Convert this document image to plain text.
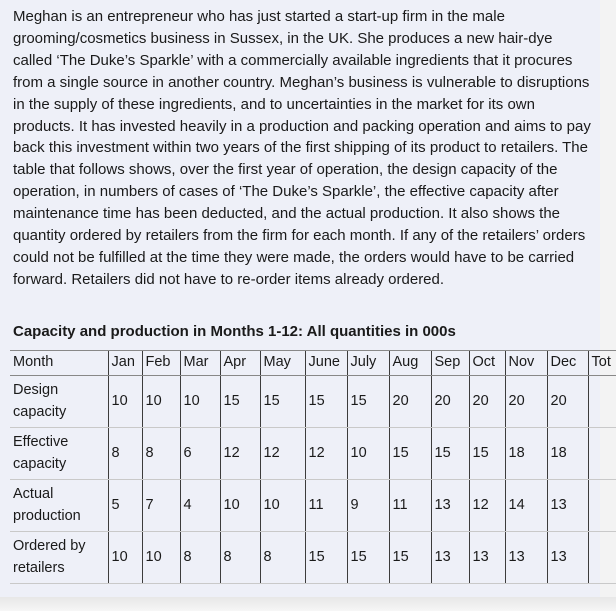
Meghan is an entrepreneur who has just started a start-up firm in the male grooming/cosmetics business in Sussex, in the UK. She produces a new hair-dye called ‘The Duke’s Sparkle’ with a commercially available ingredients that it procures from a single source in another country. Meghan’s business is vulnerable to disruptions in the supply of these ingredients, and to uncertainties in the market for its own products. It has invested heavily in a production and packing operation and aims to pay back this investment within two years of the first shipping of its product to retailers. The table that follows shows, over the first year of operation, the design capacity of the operation, in numbers of cases of ‘The Duke’s Sparkle’, the effective capacity after maintenance time has been deducted, and the actual production. It also shows the quantity ordered by retailers from the firm for each month. If any of the retailers’ orders could not be fulfilled at the time they were made, the orders would have to be carried forward. Retailers did not have to re-order items already ordered.

Capacity and production in Months 1-12: All quantities in 000s

Month	Jan	Feb	Mar	Apr	May	June	July	Aug	Sep	Oct	Nov	Dec	Tot
Design capacity	10	10	10	15	15	15	15	20	20	20	20	20	
Effective capacity	8	8	6	12	12	12	10	15	15	15	18	18	
Actual production	5	7	4	10	10	11	9	11	13	12	14	13	
Ordered by retailers	10	10	8	8	8	15	15	15	13	13	13	13	
